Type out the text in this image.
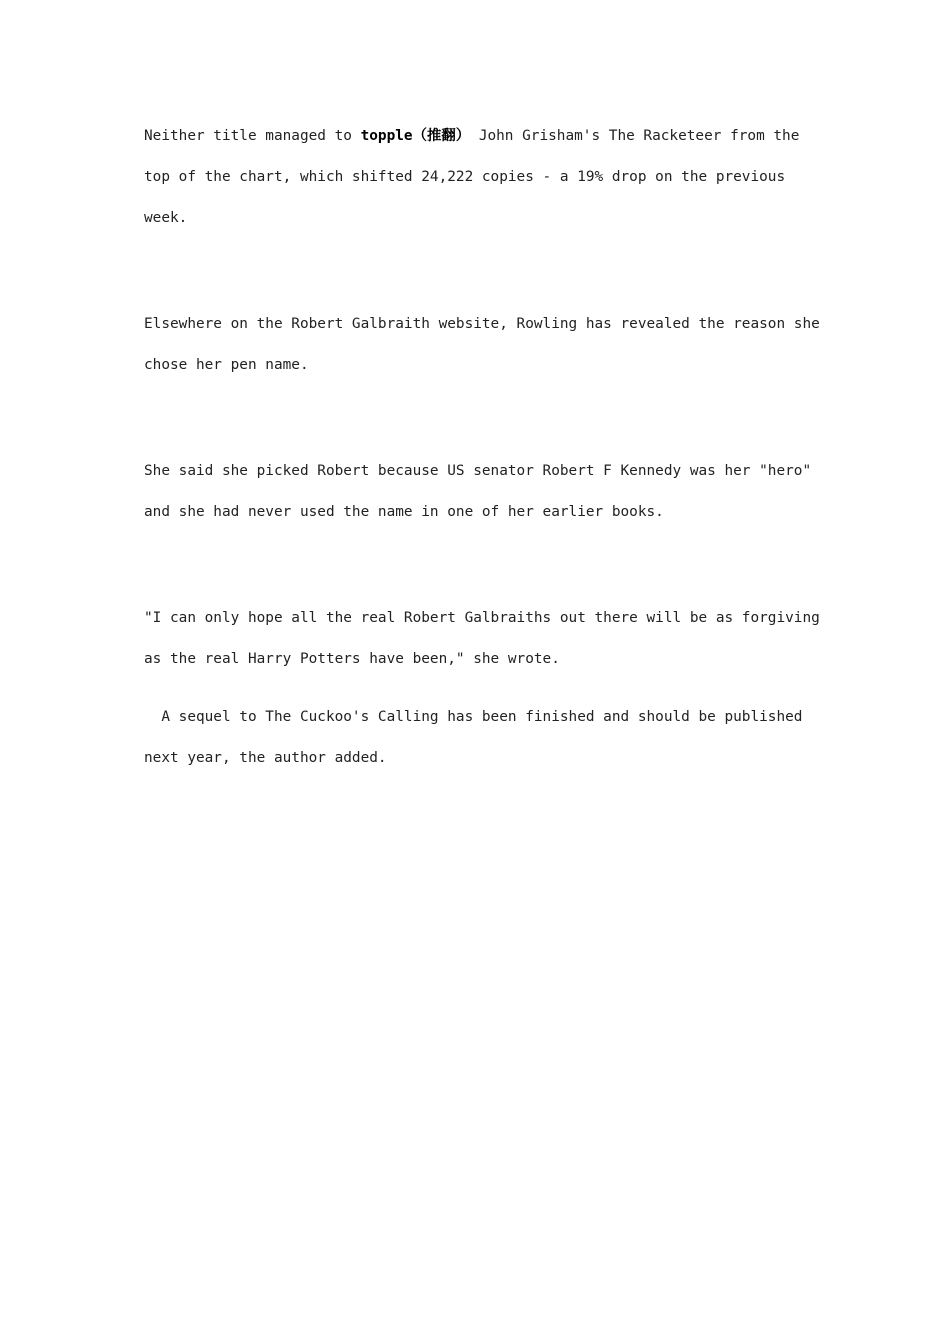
Neither title managed to topple（推翻） John Grisham's The Racketeer from the
top of the chart, which shifted 24,222 copies - a 19% drop on the previous
week.
Elsewhere on the Robert Galbraith website, Rowling has revealed the reason she
chose her pen name.
She said she picked Robert because US senator Robert F Kennedy was her "hero"
and she had never used the name in one of her earlier books.
"I can only hope all the real Robert Galbraiths out there will be as forgiving
as the real Harry Potters have been," she wrote.
A sequel to The Cuckoo's Calling has been finished and should be published
next year, the author added.
